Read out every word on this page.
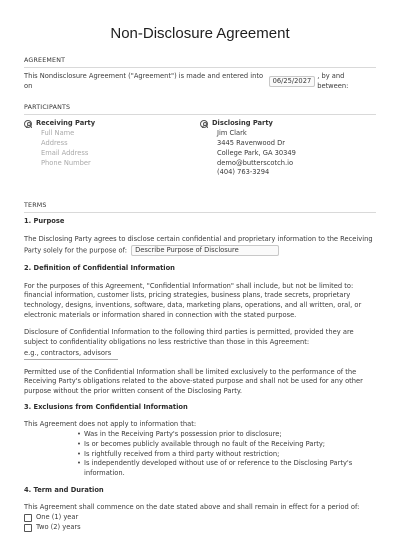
Non-Disclosure Agreement
AGREEMENT
This Nondisclosure Agreement ("Agreement") is made and entered into on
06/25/2027
, by and between:
PARTICIPANTS
Receiving Party
Full Name
Address
Email Address
Phone Number
Disclosing Party
Jim Clark
3445 Ravenwood Dr
College Park, GA 30349
demo@butterscotch.io
(404) 763-3294
TERMS
1. Purpose

The Disclosing Party agrees to disclose certain confidential and proprietary information to the Receiving Party solely for the purpose of: Describe Purpose of Disclosure

2. Definition of Confidential Information

For the purposes of this Agreement, "Confidential Information" shall include, but not be limited to: financial information, customer lists, pricing strategies, business plans, trade secrets, proprietary technology, designs, inventions, software, data, marketing plans, operations, and all written, oral, or electronic materials or information shared in connection with the stated purpose.

Disclosure of Confidential Information to the following third parties is permitted, provided they are subject to confidentiality obligations no less restrictive than those in this Agreement:

e.g., contractors, advisors

Permitted use of the Confidential Information shall be limited exclusively to the performance of the Receiving Party's obligations related to the above-stated purpose and shall not be used for any other purpose without the prior written consent of the Disclosing Party.

3. Exclusions from Confidential Information

This Agreement does not apply to information that:

• Was in the Receiving Party's possession prior to disclosure;
• Is or becomes publicly available through no fault of the Receiving Party;
• Is rightfully received from a third party without restriction;
• Is independently developed without use of or reference to the Disclosing Party's information.
4. Term and Duration

This Agreement shall commence on the date stated above and shall remain in effect for a period of:

One (1) year
Two (2) years
